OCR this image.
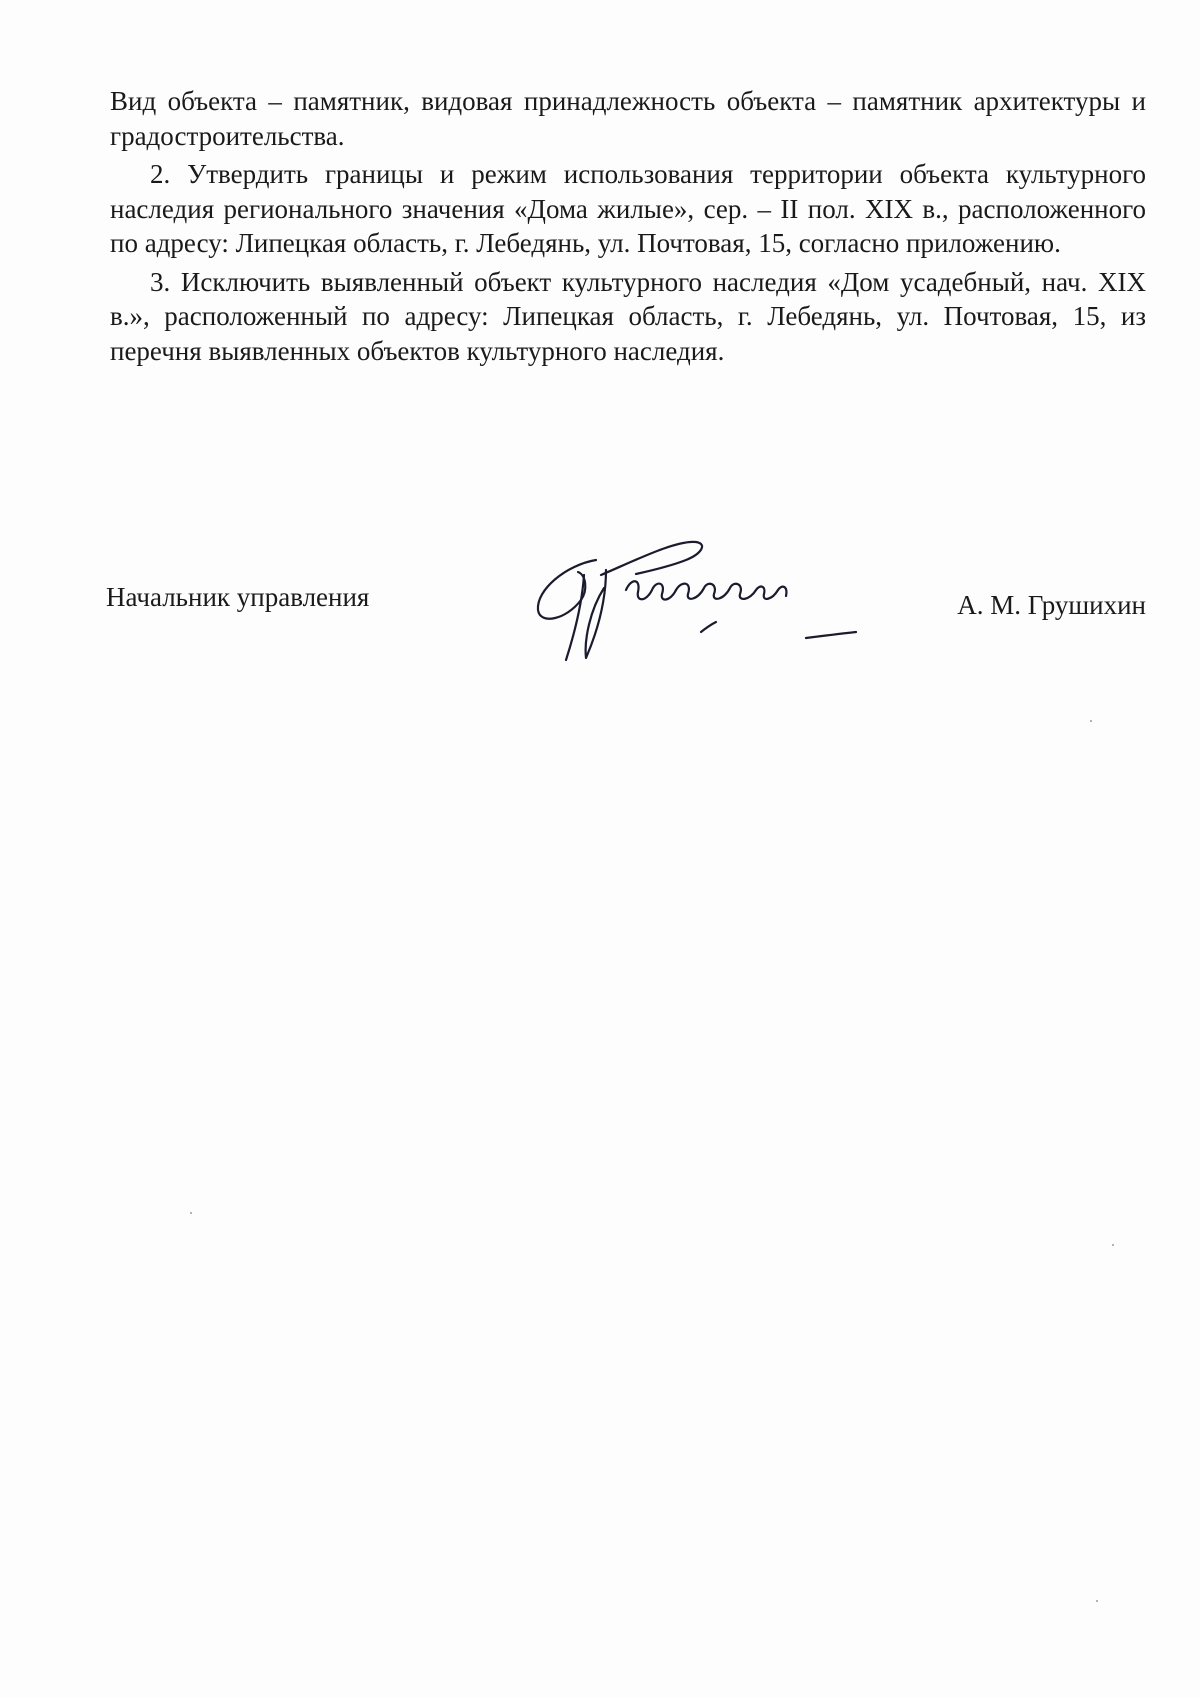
Вид объекта – памятник, видовая принадлежность объекта – памятник архитектуры и градостроительства.

2. Утвердить границы и режим использования территории объекта культурного наследия регионального значения «Дома жилые», сер. – II пол. XIX в., расположенного по адресу: Липецкая область, г. Лебедянь, ул. Почтовая, 15, согласно приложению.

3. Исключить выявленный объект культурного наследия «Дом усадебный, нач. XIX в.», расположенный по адресу: Липецкая область, г. Лебедянь, ул. Почтовая, 15, из перечня выявленных объектов культурного наследия.

Начальник управления	А. М. Грушихин
